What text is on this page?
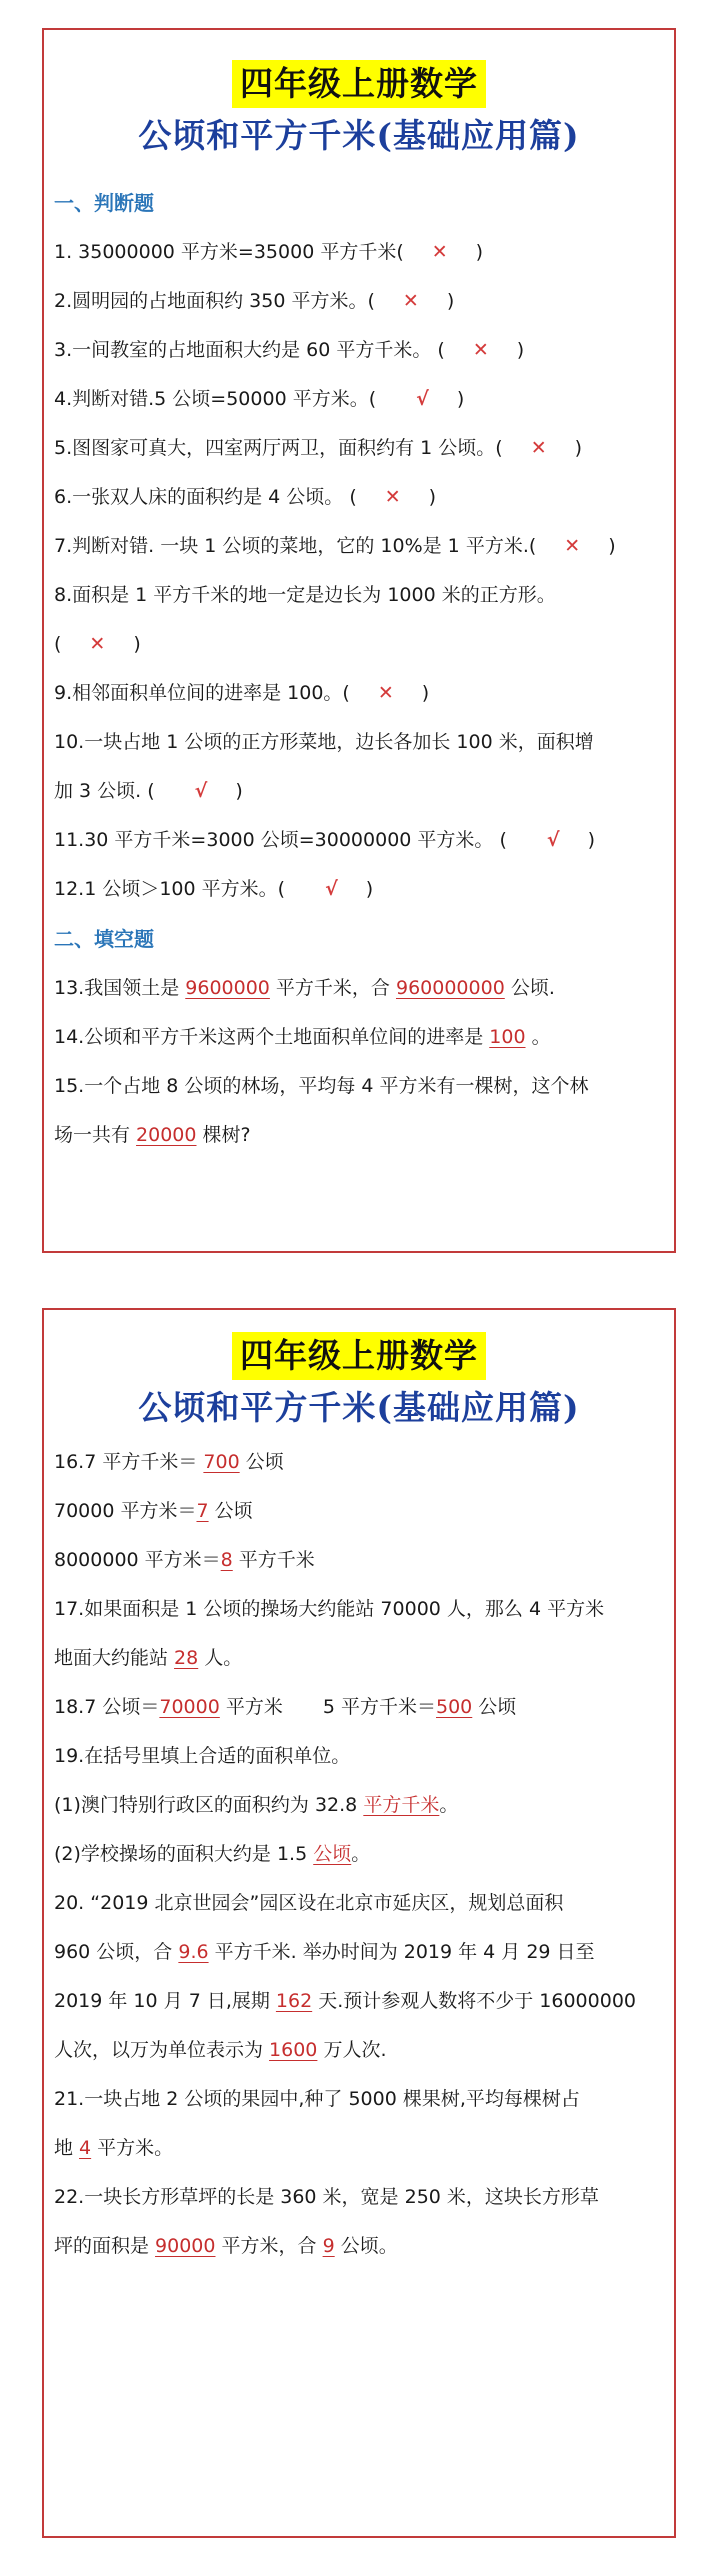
四年级上册数学
公顷和平方千米(基础应用篇)
一、判断题
1. 35000000 平方米=35000 平方千米( ✕ )
2.圆明园的占地面积约 350 平方米。( ✕ )
3.一间教室的占地面积大约是 60 平方千米。 ( ✕ )
4.判断对错.5 公顷=50000 平方米。( √ )
5.图图家可真大，四室两厅两卫，面积约有 1 公顷。( ✕ )
6.一张双人床的面积约是 4 公顷。 ( ✕ )
7.判断对错. 一块 1 公顷的菜地，它的 10%是 1 平方米.( ✕ )
8.面积是 1 平方千米的地一定是边长为 1000 米的正方形。
( ✕ )
9.相邻面积单位间的进率是 100。( ✕ )
10.一块占地 1 公顷的正方形菜地，边长各加长 100 米，面积增
加 3 公顷. ( √ )
11.30 平方千米=3000 公顷=30000000 平方米。 ( √ )
12.1 公顷＞100 平方米。( √ )
二、填空题
13.我国领土是 9600000 平方千米，合 960000000 公顷.
14.公顷和平方千米这两个土地面积单位间的进率是 100 。
15.一个占地 8 公顷的林场，平均每 4 平方米有一棵树，这个林
场一共有 20000 棵树?
四年级上册数学
公顷和平方千米(基础应用篇)
16.7 平方千米＝ 700 公顷
70000 平方米＝7 公顷
8000000 平方米＝8 平方千米
17.如果面积是 1 公顷的操场大约能站 70000 人，那么 4 平方米
地面大约能站 28 人。
18.7 公顷＝70000 平方米 5 平方千米＝500 公顷
19.在括号里填上合适的面积单位。
(1)澳门特别行政区的面积约为 32.8 平方千米。
(2)学校操场的面积大约是 1.5 公顷。
20. “2019 北京世园会”园区设在北京市延庆区，规划总面积
960 公顷，合 9.6 平方千米. 举办时间为 2019 年 4 月 29 日至
2019 年 10 月 7 日,展期 162 天.预计参观人数将不少于 16000000
人次，以万为单位表示为 1600 万人次.
21.一块占地 2 公顷的果园中,种了 5000 棵果树,平均每棵树占
地 4 平方米。
22.一块长方形草坪的长是 360 米，宽是 250 米，这块长方形草
坪的面积是 90000 平方米，合 9 公顷。
